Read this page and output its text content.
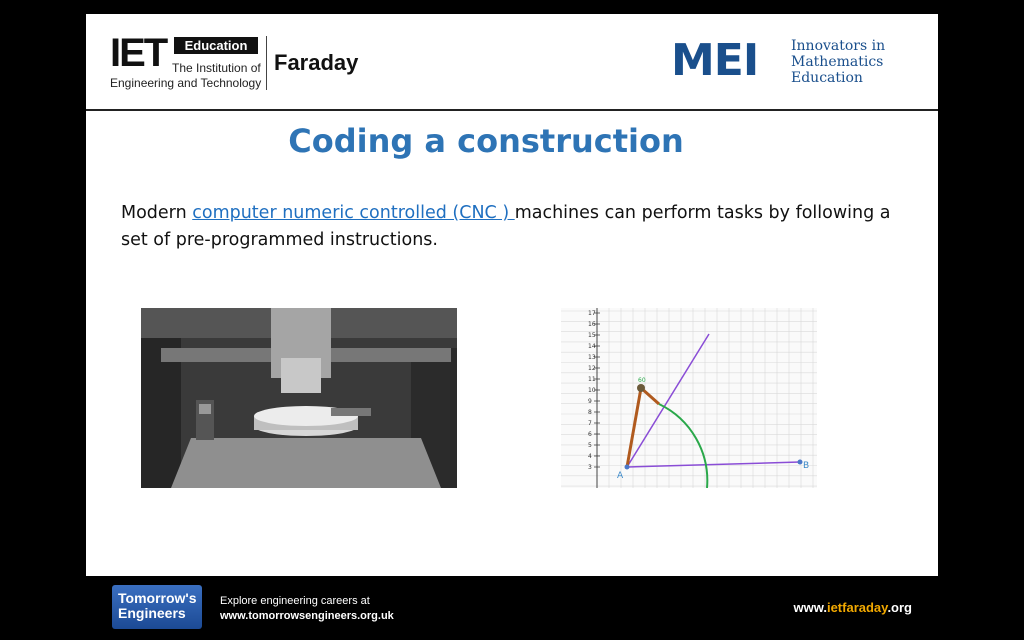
IET	Education
The Institution of
Engineering and Technology
Faraday	MEI Innovators in
Mathematics
Education
Coding a construction
Modern computer numeric controlled (CNC ) machines can perform tasks by following a set of pre-programmed instructions.
17
16
15
14
13
12
11
10
9
8
7
6
5
4
3
60
A
B
Tomorrow's
Engineers
Explore engineering careers at
www.tomorrowsengineers.org.uk
www.ietfaraday.org
